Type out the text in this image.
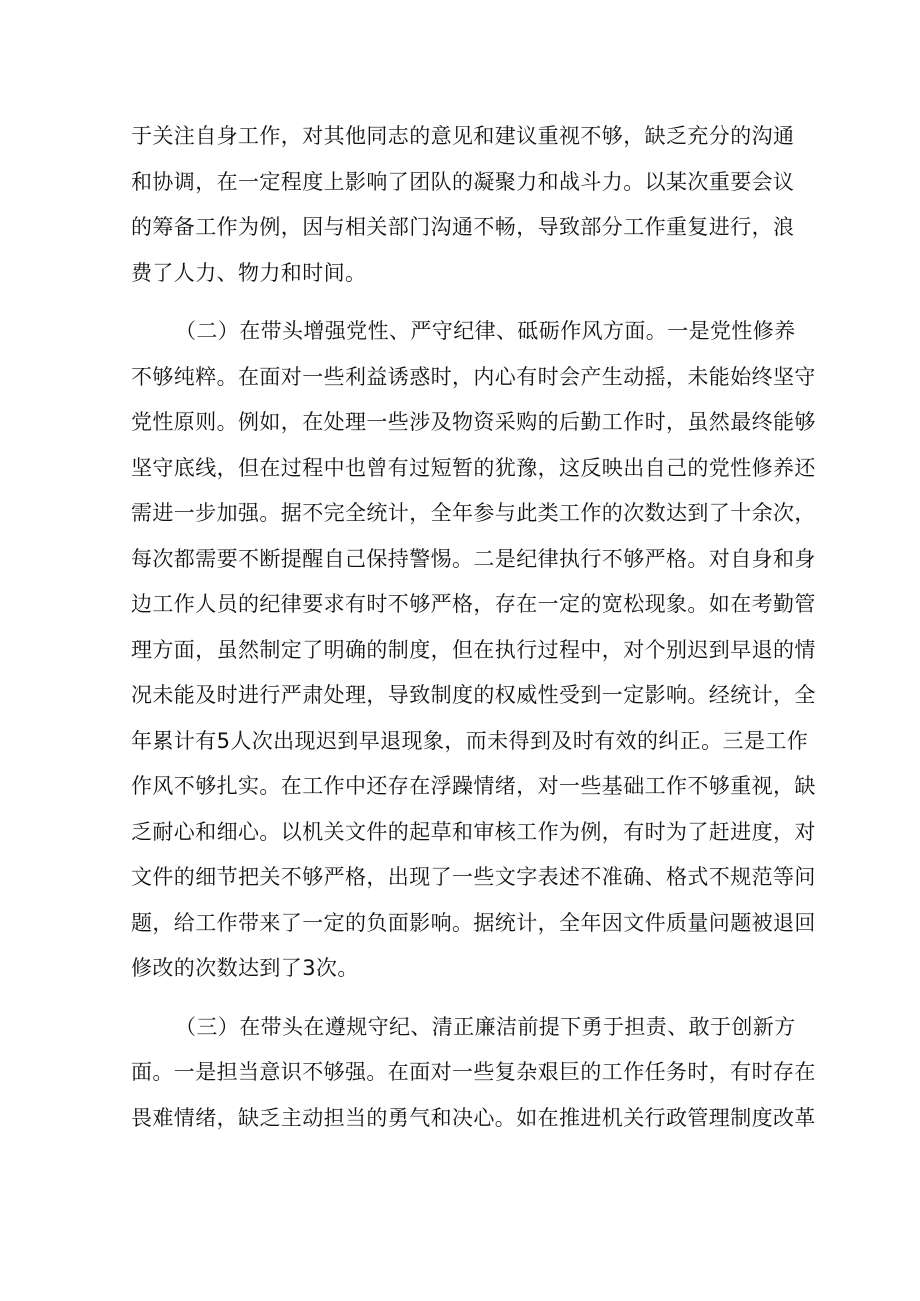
于关注自身工作，对其他同志的意见和建议重视不够，缺乏充分的沟通
和协调，在一定程度上影响了团队的凝聚力和战斗力。以某次重要会议
的筹备工作为例，因与相关部门沟通不畅，导致部分工作重复进行，浪
费了人力、物力和时间。
（二）在带头增强党性、严守纪律、砥砺作风方面。一是党性修养
不够纯粹。在面对一些利益诱惑时，内心有时会产生动摇，未能始终坚守
党性原则。例如，在处理一些涉及物资采购的后勤工作时，虽然最终能够
坚守底线，但在过程中也曾有过短暂的犹豫，这反映出自己的党性修养还
需进一步加强。据不完全统计，全年参与此类工作的次数达到了十余次，
每次都需要不断提醒自己保持警惕。二是纪律执行不够严格。对自身和身
边工作人员的纪律要求有时不够严格，存在一定的宽松现象。如在考勤管
理方面，虽然制定了明确的制度，但在执行过程中，对个别迟到早退的情
况未能及时进行严肃处理，导致制度的权威性受到一定影响。经统计，全
年累计有5人次出现迟到早退现象，而未得到及时有效的纠正。三是工作
作风不够扎实。在工作中还存在浮躁情绪，对一些基础工作不够重视，缺
乏耐心和细心。以机关文件的起草和审核工作为例，有时为了赶进度，对
文件的细节把关不够严格，出现了一些文字表述不准确、格式不规范等问
题，给工作带来了一定的负面影响。据统计，全年因文件质量问题被退回
修改的次数达到了3次。
（三）在带头在遵规守纪、清正廉洁前提下勇于担责、敢于创新方
面。一是担当意识不够强。在面对一些复杂艰巨的工作任务时，有时存在
畏难情绪，缺乏主动担当的勇气和决心。如在推进机关行政管理制度改革
